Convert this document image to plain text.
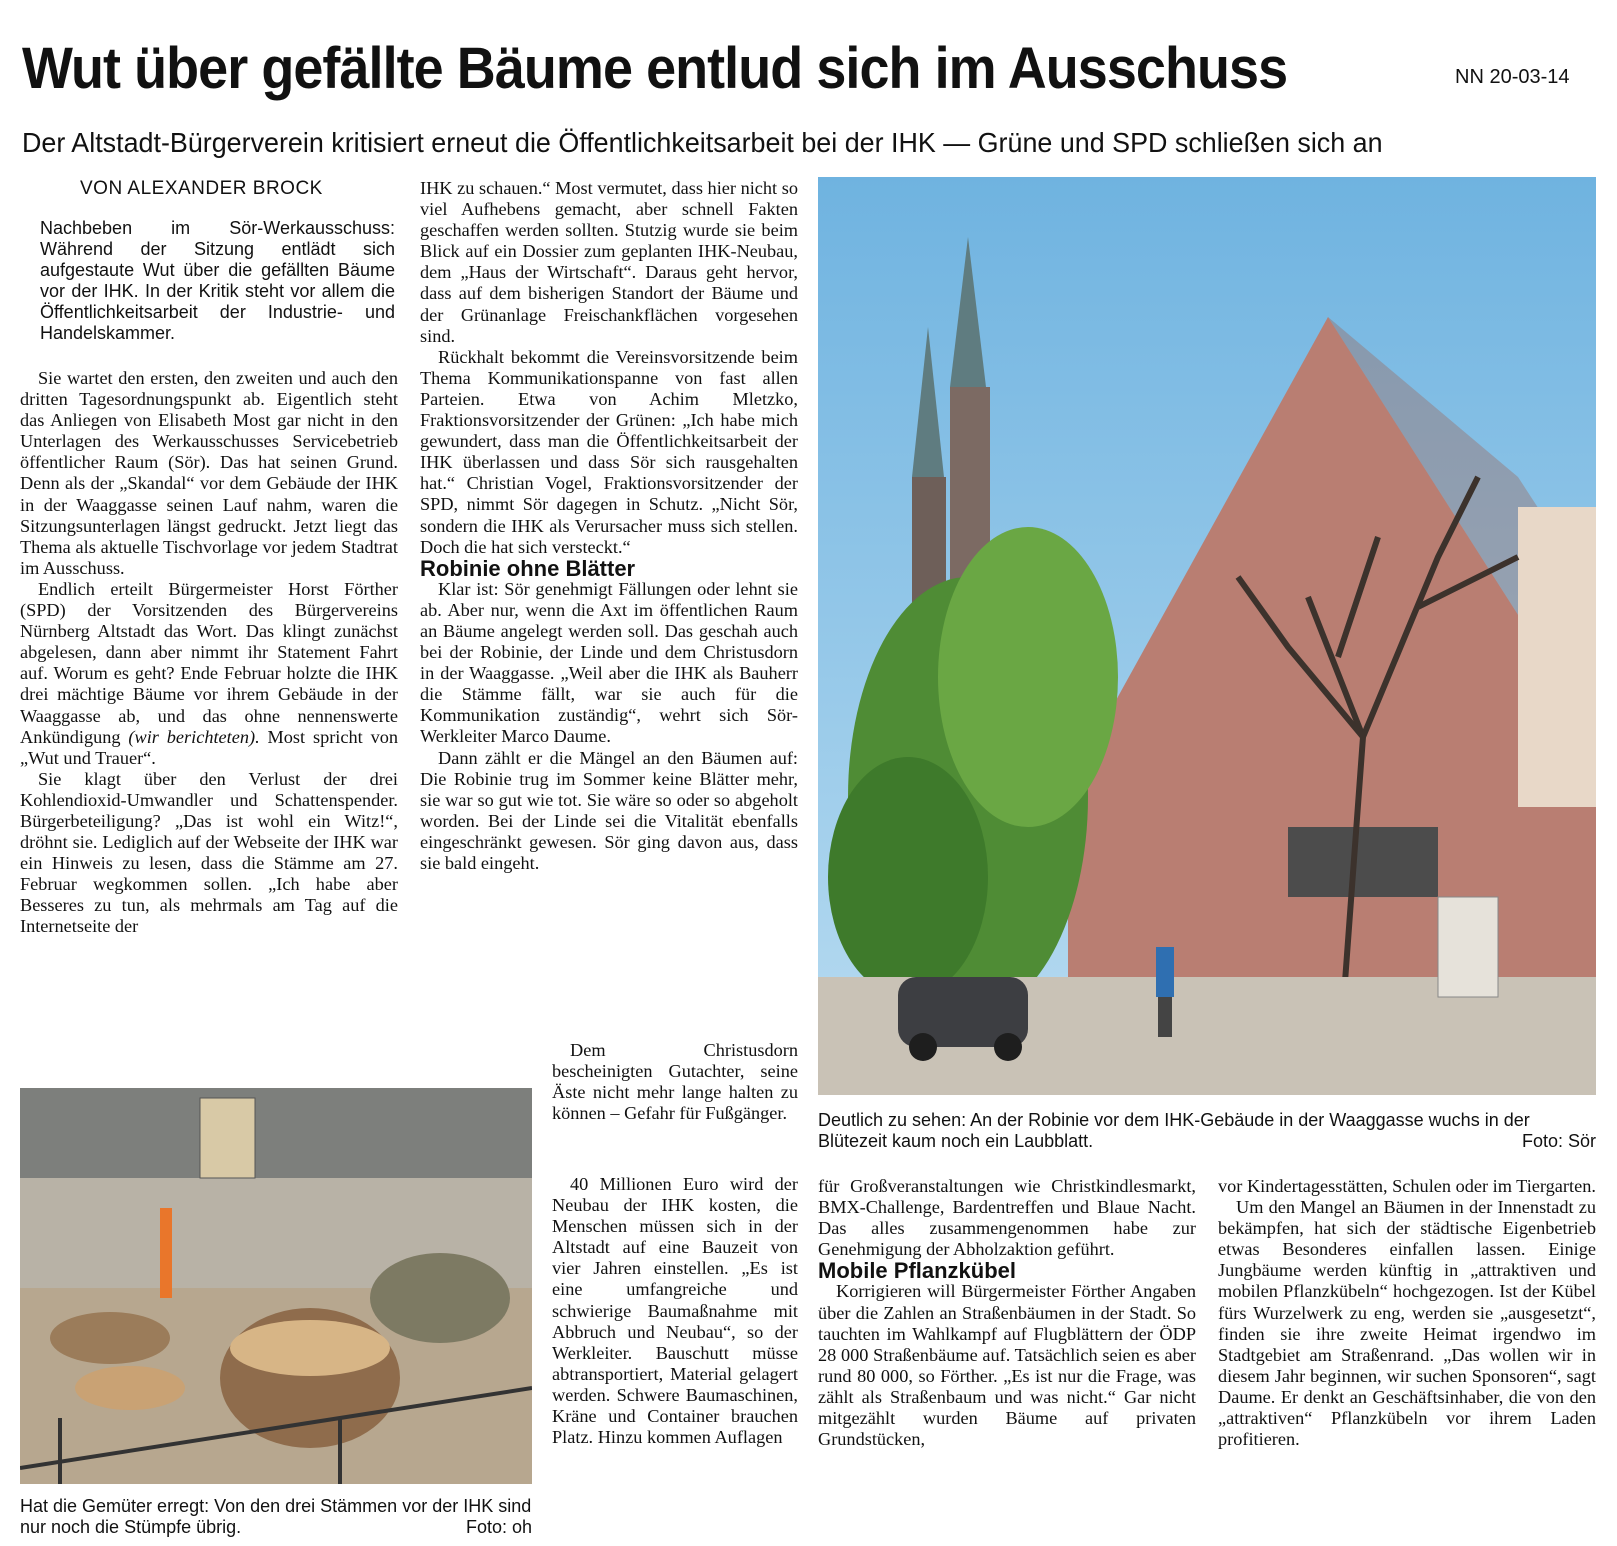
Wut über gefällte Bäume entlud sich im Ausschuss	NN 20-03-14
Der Altstadt-Bürgerverein kritisiert erneut die Öffentlichkeitsarbeit bei der IHK — Grüne und SPD schließen sich an
VON ALEXANDER BROCK
Nachbeben im Sör-Werkausschuss: Während der Sitzung entlädt sich aufgestaute Wut über die gefällten Bäume vor der IHK. In der Kritik steht vor allem die Öffentlichkeitsarbeit der Industrie- und Handelskammer.

Sie wartet den ersten, den zweiten und auch den dritten Tagesordnungspunkt ab. Eigentlich steht das Anliegen von Elisabeth Most gar nicht in den Unterlagen des Werkausschusses Servicebetrieb öffentlicher Raum (Sör). Das hat seinen Grund. Denn als der „Skandal“ vor dem Gebäude der IHK in der Waaggasse seinen Lauf nahm, waren die Sitzungsunterlagen längst gedruckt. Jetzt liegt das Thema als aktuelle Tischvorlage vor jedem Stadtrat im Ausschuss.

Endlich erteilt Bürgermeister Horst Förther (SPD) der Vorsitzenden des Bürgervereins Nürnberg Altstadt das Wort. Das klingt zunächst abgelesen, dann aber nimmt ihr Statement Fahrt auf. Worum es geht? Ende Februar holzte die IHK drei mächtige Bäume vor ihrem Gebäude in der Waaggasse ab, und das ohne nennenswerte Ankündigung (wir berichteten). Most spricht von „Wut und Trauer“.

Sie klagt über den Verlust der drei Kohlendioxid-Umwandler und Schattenspender. Bürgerbeteiligung? „Das ist wohl ein Witz!“, dröhnt sie. Lediglich auf der Webseite der IHK war ein Hinweis zu lesen, dass die Stämme am 27. Februar wegkommen sollen. „Ich habe aber Besseres zu tun, als mehrmals am Tag auf die Internetseite der

IHK zu schauen.“ Most vermutet, dass hier nicht so viel Aufhebens gemacht, aber schnell Fakten geschaffen werden sollten. Stutzig wurde sie beim Blick auf ein Dossier zum geplanten IHK-Neubau, dem „Haus der Wirtschaft“. Daraus geht hervor, dass auf dem bisherigen Standort der Bäume und der Grünanlage Freischankflächen vorgesehen sind.

Rückhalt bekommt die Vereinsvorsitzende beim Thema Kommunikationspanne von fast allen Parteien. Etwa von Achim Mletzko, Fraktionsvorsitzender der Grünen: „Ich habe mich gewundert, dass man die Öffentlichkeitsarbeit der IHK überlassen und dass Sör sich rausgehalten hat.“ Christian Vogel, Fraktionsvorsitzender der SPD, nimmt Sör dagegen in Schutz. „Nicht Sör, sondern die IHK als Verursacher muss sich stellen. Doch die hat sich versteckt.“

Robinie ohne Blätter

Klar ist: Sör genehmigt Fällungen oder lehnt sie ab. Aber nur, wenn die Axt im öffentlichen Raum an Bäume angelegt werden soll. Das geschah auch bei der Robinie, der Linde und dem Christusdorn in der Waaggasse. „Weil aber die IHK als Bauherr die Stämme fällt, war sie auch für die Kommunikation zuständig“, wehrt sich Sör-Werkleiter Marco Daume.

Dann zählt er die Mängel an den Bäumen auf: Die Robinie trug im Sommer keine Blätter mehr, sie war so gut wie tot. Sie wäre so oder so abgeholt worden. Bei der Linde sei die Vitalität ebenfalls eingeschränkt gewesen. Sör ging davon aus, dass sie bald eingeht.

Dem Christusdorn bescheinigten Gutachter, seine Äste nicht mehr lange halten zu können – Gefahr für Fußgänger.

40 Millionen Euro wird der Neubau der IHK kosten, die Menschen müssen sich in der Altstadt auf eine Bauzeit von vier Jahren einstellen. „Es ist eine umfangreiche und schwierige Baumaßnahme mit Abbruch und Neubau“, so der Werkleiter. Bauschutt müsse abtransportiert, Material gelagert werden. Schwere Baumaschinen, Kräne und Container brauchen Platz. Hinzu kommen Auflagen

Deutlich zu sehen: An der Robinie vor dem IHK-Gebäude in der Waaggasse wuchs in der Blütezeit kaum noch ein Laubblatt.	Foto: Sör
Hat die Gemüter erregt: Von den drei Stämmen vor der IHK sind nur noch die Stümpfe übrig.	Foto: oh

für Großveranstaltungen wie Christkindlesmarkt, BMX-Challenge, Bardentreffen und Blaue Nacht. Das alles zusammengenommen habe zur Genehmigung der Abholzaktion geführt.

Mobile Pflanzkübel

Korrigieren will Bürgermeister Förther Angaben über die Zahlen an Straßenbäumen in der Stadt. So tauchten im Wahlkampf auf Flugblättern der ÖDP 28 000 Straßenbäume auf. Tatsächlich seien es aber rund 80 000, so Förther. „Es ist nur die Frage, was zählt als Straßenbaum und was nicht.“ Gar nicht mitgezählt wurden Bäume auf privaten Grundstücken,

vor Kindertagesstätten, Schulen oder im Tiergarten.

Um den Mangel an Bäumen in der Innenstadt zu bekämpfen, hat sich der städtische Eigenbetrieb etwas Besonderes einfallen lassen. Einige Jungbäume werden künftig in „attraktiven und mobilen Pflanzkübeln“ hochgezogen. Ist der Kübel fürs Wurzelwerk zu eng, werden sie „ausgesetzt“, finden sie ihre zweite Heimat irgendwo im Stadtgebiet am Straßenrand. „Das wollen wir in diesem Jahr beginnen, wir suchen Sponsoren“, sagt Daume. Er denkt an Geschäftsinhaber, die von den „attraktiven“ Pflanzkübeln vor ihrem Laden profitieren.
